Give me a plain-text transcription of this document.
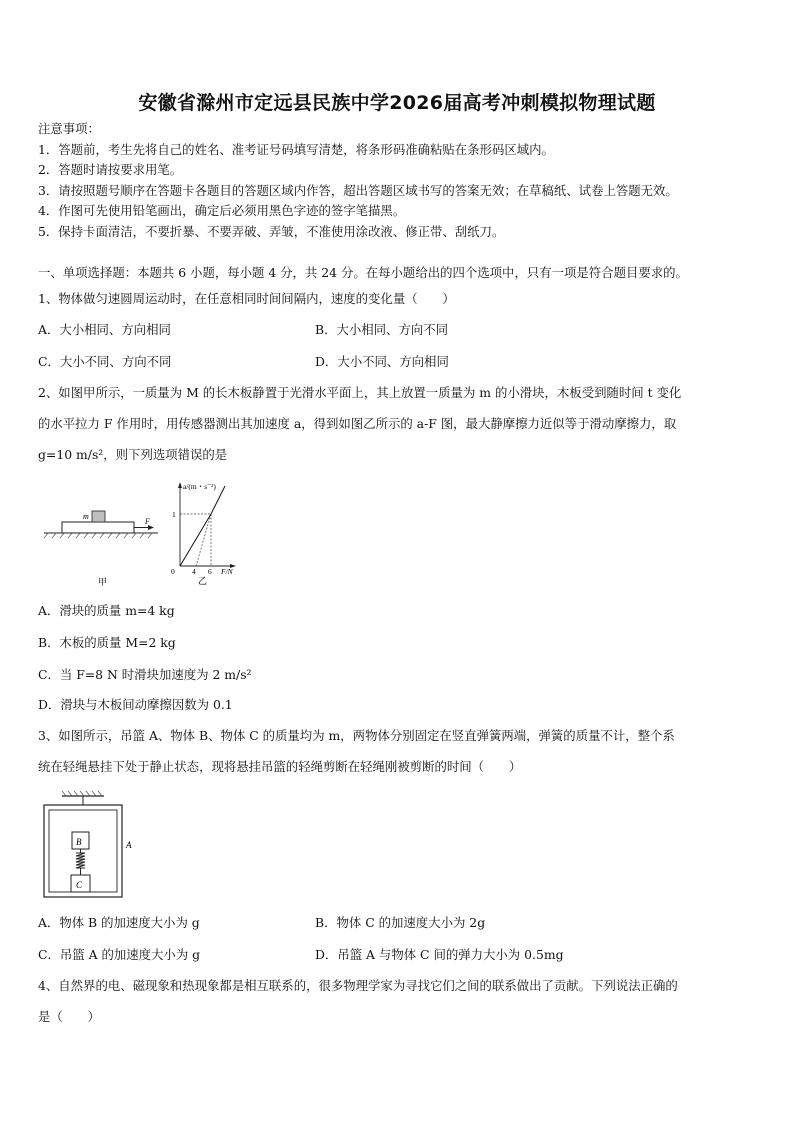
安徽省滁州市定远县民族中学2026届高考冲刺模拟物理试题
注意事项：
1．答题前，考生先将自己的姓名、准考证号码填写清楚，将条形码准确粘贴在条形码区域内。
2．答题时请按要求用笔。
3．请按照题号顺序在答题卡各题目的答题区域内作答，超出答题区域书写的答案无效；在草稿纸、试卷上答题无效。
4．作图可先使用铅笔画出，确定后必须用黑色字迹的签字笔描黑。
5．保持卡面清洁，不要折暴、不要弄破、弄皱，不准使用涂改液、修正带、刮纸刀。
一、单项选择题：本题共 6 小题，每小题 4 分，共 24 分。在每小题给出的四个选项中，只有一项是符合题目要求的。
1、物体做匀速圆周运动时，在任意相同时间间隔内，速度的变化量（　　）
A．大小相同、方向相同	B．大小相同、方向不同
C．大小不同、方向不同	D．大小不同、方向相同
2、如图甲所示，一质量为 M 的长木板静置于光滑水平面上，其上放置一质量为 m 的小滑块，木板受到随时间 t 变化
的水平拉力 F 作用时，用传感器测出其加速度 a，得到如图乙所示的 a-F 图，最大静摩擦力近似等于滑动摩擦力，取
g=10 m/s²，则下列选项错误的是
m
F
甲
a/(m・s⁻²)
1
0 4 6 F/N
乙
A．滑块的质量 m=4 kg
B．木板的质量 M=2 kg
C．当 F=8 N 时滑块加速度为 2 m/s²
D．滑块与木板间动摩擦因数为 0.1
3、如图所示，吊篮 A、物体 B、物体 C 的质量均为 m，两物体分别固定在竖直弹簧两端，弹簧的质量不计，整个系
统在轻绳悬挂下处于静止状态，现将悬挂吊篮的轻绳剪断在轻绳刚被剪断的时间（　　）
B
C
A
A．物体 B 的加速度大小为 g	B．物体 C 的加速度大小为 2g
C．吊篮 A 的加速度大小为 g	D．吊篮 A 与物体 C 间的弹力大小为 0.5mg
4、自然界的电、磁现象和热现象都是相互联系的，很多物理学家为寻找它们之间的联系做出了贡献。下列说法正确的
是（　　）
